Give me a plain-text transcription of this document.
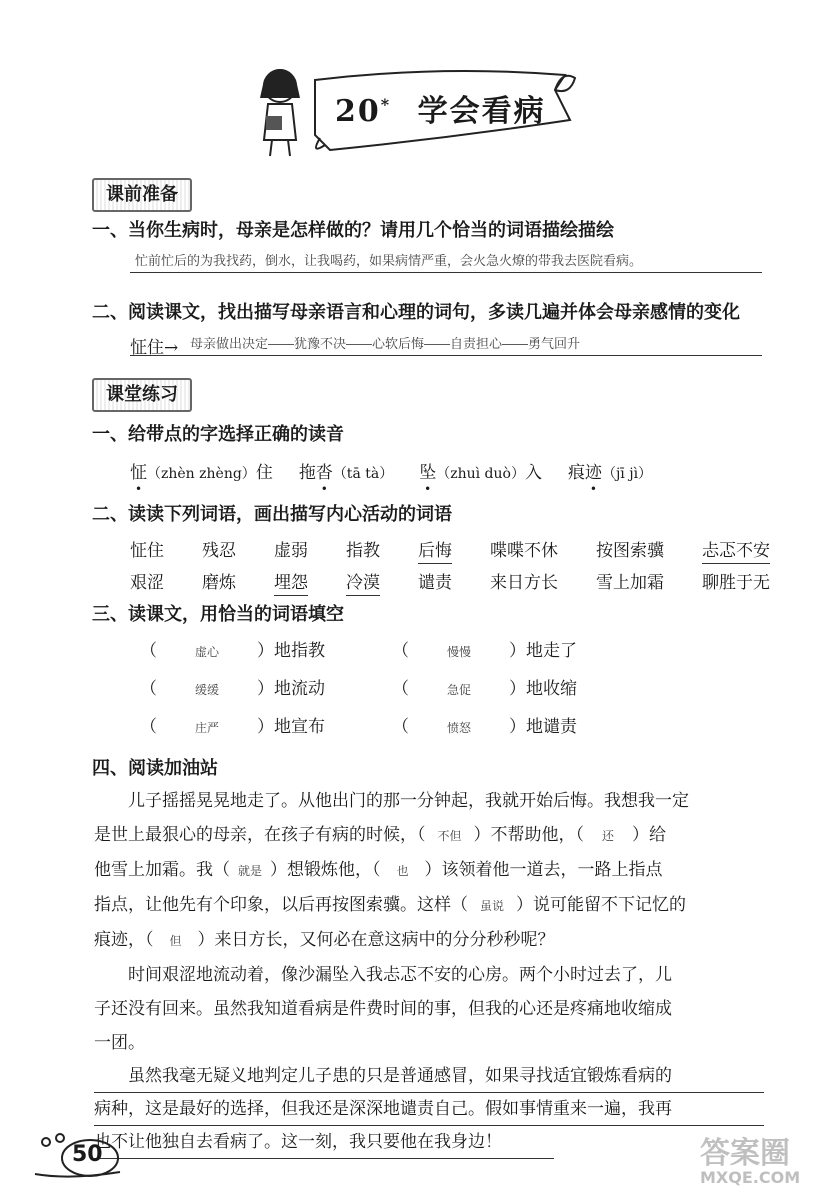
20* 学会看病
课前准备
一、当你生病时，母亲是怎样做的？请用几个恰当的词语描绘描绘
忙前忙后的为我找药，倒水，让我喝药，如果病情严重，会火急火燎的带我去医院看病。
二、阅读课文，找出描写母亲语言和心理的词句，多读几遍并体会母亲感情的变化
怔住→ 母亲做出决定——犹豫不决——心软后悔——自责担心——勇气回升
课堂练习
一、给带点的字选择正确的读音
怔（zhèn zhèng）住 拖沓（tā tà） 坠（zhuì duò）入 痕迹（jī jì）
二、读读下列词语，画出描写内心活动的词语
怔住 残忍 虚弱 指教 后悔 喋喋不休 按图索骥 忐忑不安
艰涩 磨炼 埋怨 冷漠 谴责 来日方长 雪上加霜 聊胜于无
三、读课文，用恰当的词语填空
（	虚心 ）地指教	（	慢慢 ）地走了
（	缓缓 ）地流动	（	急促 ）地收缩
（	庄严 ）地宣布	（	愤怒 ）地谴责
四、阅读加油站
儿子摇摇晃晃地走了。从他出门的那一分钟起，我就开始后悔。我想我一定
是世上最狠心的母亲，在孩子有病的时候，（ 不但 ）不帮助他，（ 还 ）给
他雪上加霜。我（ 就是 ）想锻炼他，（ 也 ）该领着他一道去，一路上指点
指点，让他先有个印象，以后再按图索骥。这样（ 虽说 ）说可能留不下记忆的
痕迹，（ 但 ）来日方长，又何必在意这病中的分分秒秒呢？
时间艰涩地流动着，像沙漏坠入我忐忑不安的心房。两个小时过去了，儿
子还没有回来。虽然我知道看病是件费时间的事，但我的心还是疼痛地收缩成
一团。
虽然我毫无疑义地判定儿子患的只是普通感冒，如果寻找适宜锻炼看病的
病种，这是最好的选择，但我还是深深地谴责自己。假如事情重来一遍，我再
也不让他独自去看病了。这一刻，我只要他在我身边！
50	答案圈
MXQE.COM
